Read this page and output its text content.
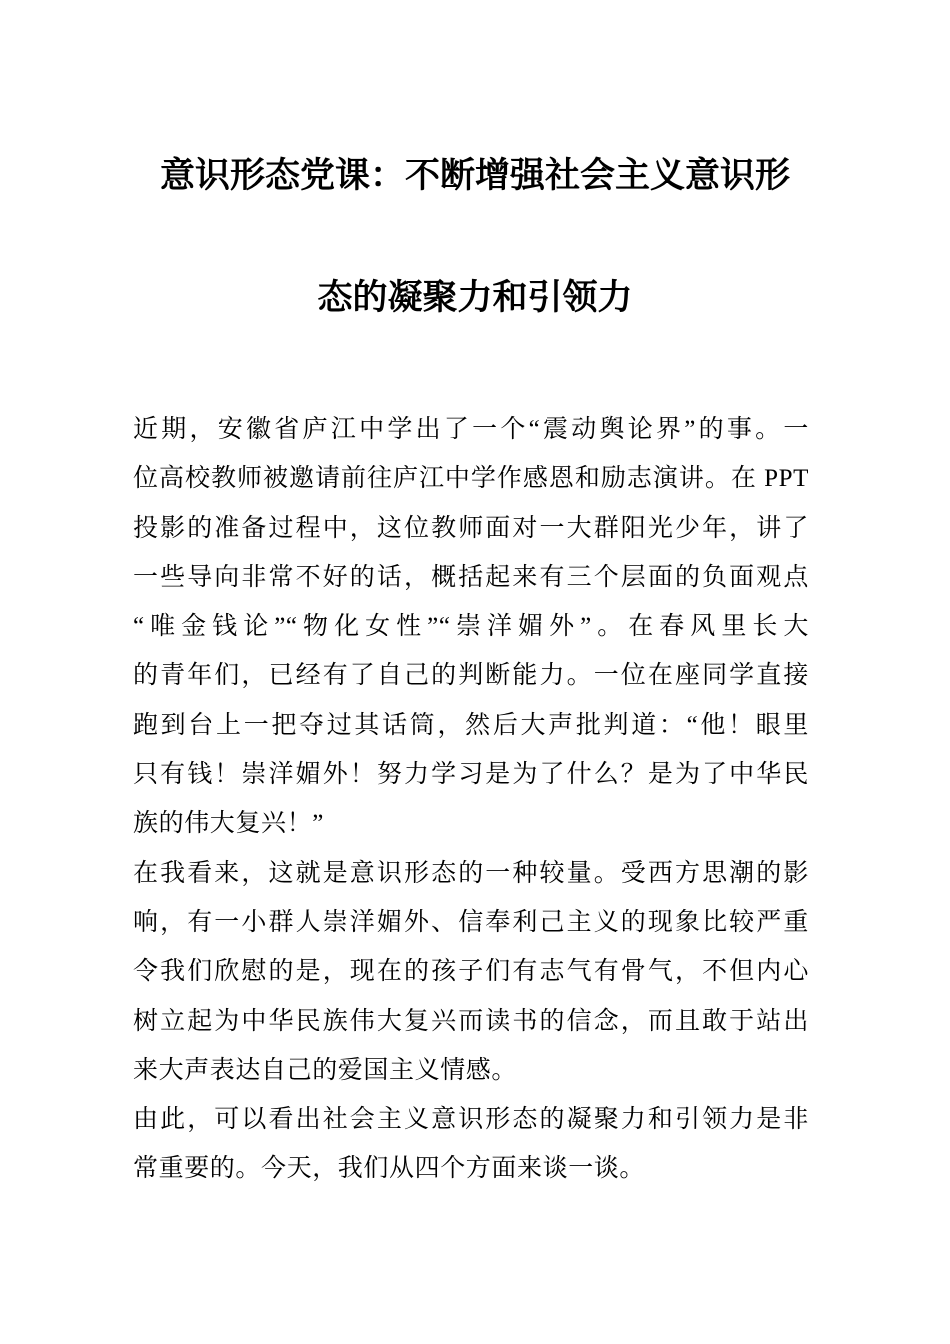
意识形态党课：不断增强社会主义意识形
态的凝聚力和引领力
近期，安徽省庐江中学出了一个“震动舆论界”的事。一
位高校教师被邀请前往庐江中学作感恩和励志演讲。在 PPT
投影的准备过程中，这位教师面对一大群阳光少年，讲了
一些导向非常不好的话，概括起来有三个层面的负面观点
“唯金钱论”“物化女性”“崇洋媚外”。在春风里长大
的青年们，已经有了自己的判断能力。一位在座同学直接
跑到台上一把夺过其话筒，然后大声批判道：“他！眼里
只有钱！崇洋媚外！努力学习是为了什么？是为了中华民
族的伟大复兴！”
在我看来，这就是意识形态的一种较量。受西方思潮的影
响，有一小群人崇洋媚外、信奉利己主义的现象比较严重
令我们欣慰的是，现在的孩子们有志气有骨气，不但内心
树立起为中华民族伟大复兴而读书的信念，而且敢于站出
来大声表达自己的爱国主义情感。
由此，可以看出社会主义意识形态的凝聚力和引领力是非
常重要的。今天，我们从四个方面来谈一谈。
